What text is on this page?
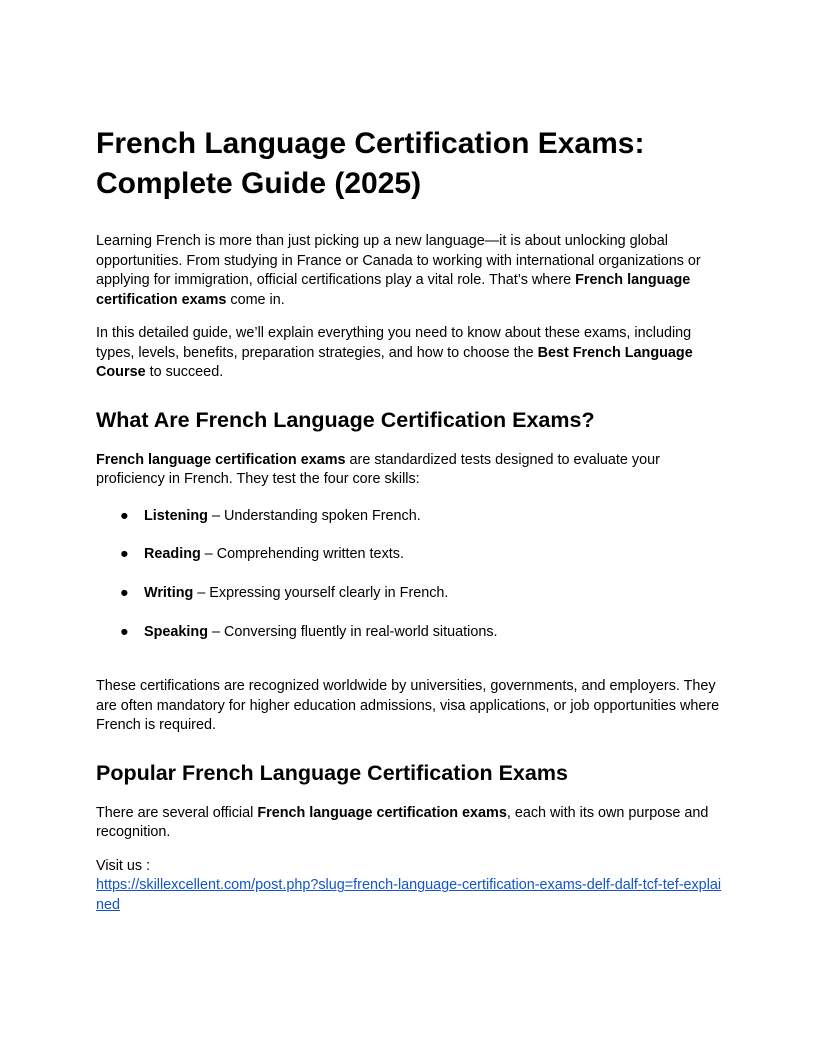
French Language Certification Exams: Complete Guide (2025)

Learning French is more than just picking up a new language—it is about unlocking global opportunities. From studying in France or Canada to working with international organizations or applying for immigration, official certifications play a vital role. That’s where French language certification exams come in.

In this detailed guide, we’ll explain everything you need to know about these exams, including types, levels, benefits, preparation strategies, and how to choose the Best French Language Course to succeed.

What Are French Language Certification Exams?

French language certification exams are standardized tests designed to evaluate your proficiency in French. They test the four core skills:

● Listening – Understanding spoken French.
● Reading – Comprehending written texts.
● Writing – Expressing yourself clearly in French.
● Speaking – Conversing fluently in real-world situations.

These certifications are recognized worldwide by universities, governments, and employers. They are often mandatory for higher education admissions, visa applications, or job opportunities where French is required.

Popular French Language Certification Exams

There are several official French language certification exams, each with its own purpose and recognition.

Visit us :
https://skillexcellent.com/post.php?slug=french-language-certification-exams-delf-dalf-tcf-tef-explained
